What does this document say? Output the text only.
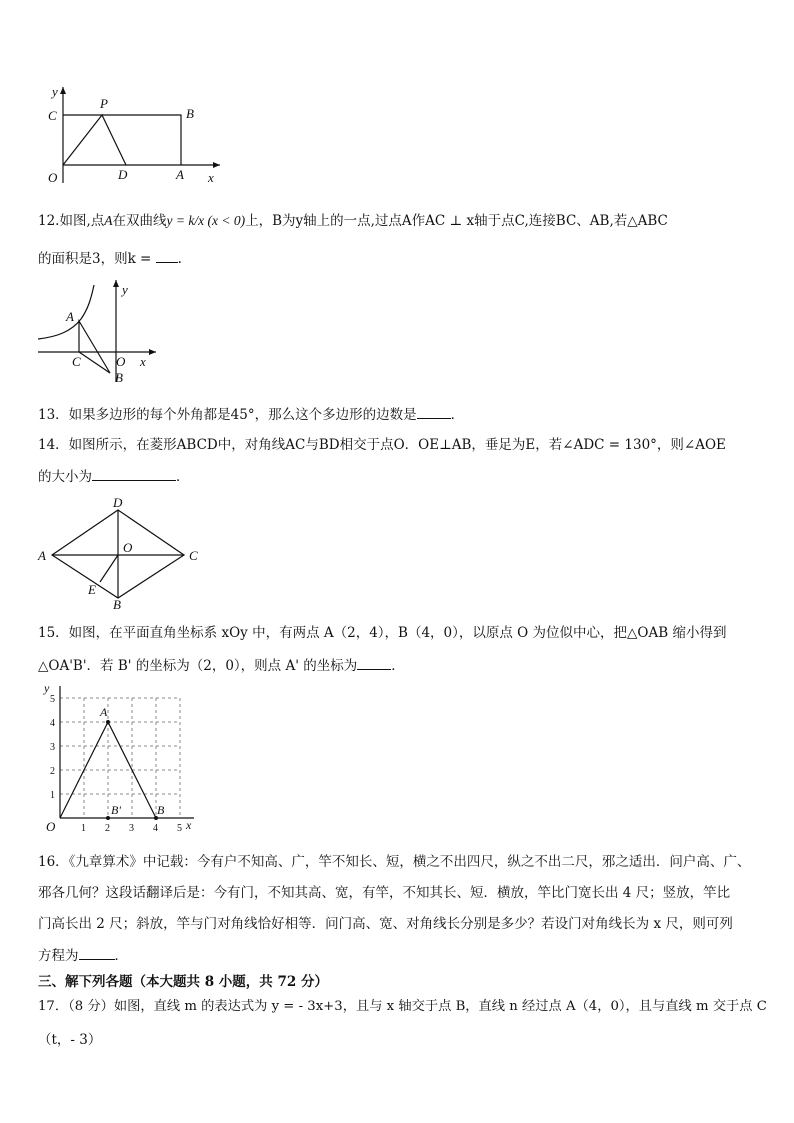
y
C
P
B
O	D	A x
12.如图,点A在双曲线y = k/x (x < 0)上，B为y轴上的一点,过点A作AC ⊥ x轴于点C,连接BC、AB,若△ABC
的面积是3，则k = .
y
A
C	O x
B
13．如果多边形的每个外角都是45°，那么这个多边形的边数是	．
14．如图所示，在菱形ABCD中，对角线AC与BD相交于点O．OE⊥AB，垂足为E，若∠ADC = 130°，则∠AOE
的大小为	．
D
A
O
C
E
B
15．如图，在平面直角坐标系 xOy 中，有两点 A（2，4），B（4，0），以原点 O 为位似中心，把△OAB 缩小得到
△OA'B'．若 B' 的坐标为（2，0），则点 A' 的坐标为	．
y
5
4
3
2
1
O	1 2 3 4 5 x
A
B'	B
16．《九章算术》中记载：今有户不知高、广，竿不知长、短，横之不出四尺，纵之不出二尺，邪之适出．问户高、广、
邪各几何？这段话翻译后是：今有门，不知其高、宽，有竿，不知其长、短．横放，竿比门宽长出 4 尺；竖放，竿比
门高长出 2 尺；斜放，竿与门对角线恰好相等．问门高、宽、对角线长分别是多少？若设门对角线长为 x 尺，则可列
方程为	．
三、解下列各题（本大题共 8 小题，共 72 分）
17．（8 分）如图，直线 m 的表达式为 y = - 3x+3，且与 x 轴交于点 B，直线 n 经过点 A（4，0），且与直线 m 交于点 C
（t，- 3）
